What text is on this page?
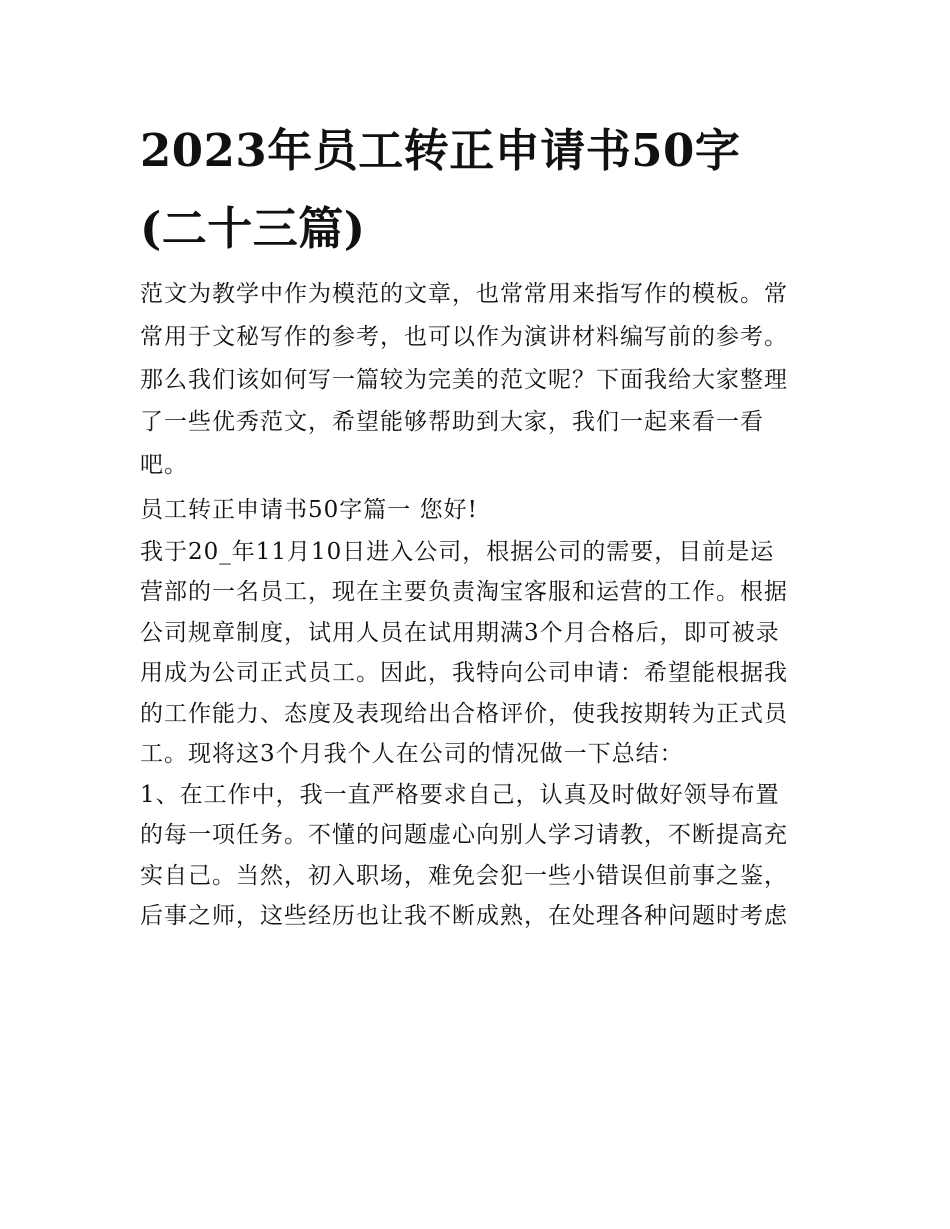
2023年员工转正申请书50字
(二十三篇)
范文为教学中作为模范的文章，也常常用来指写作的模板。常
常用于文秘写作的参考，也可以作为演讲材料编写前的参考。
那么我们该如何写一篇较为完美的范文呢？下面我给大家整理
了一些优秀范文，希望能够帮助到大家，我们一起来看一看
吧。
员工转正申请书50字篇一 您好!
我于20_年11月10日进入公司，根据公司的需要，目前是运
营部的一名员工，现在主要负责淘宝客服和运营的工作。根据
公司规章制度，试用人员在试用期满3个月合格后，即可被录
用成为公司正式员工。因此，我特向公司申请：希望能根据我
的工作能力、态度及表现给出合格评价，使我按期转为正式员
工。现将这3个月我个人在公司的情况做一下总结：
1、在工作中，我一直严格要求自己，认真及时做好领导布置
的每一项任务。不懂的问题虚心向别人学习请教，不断提高充
实自己。当然，初入职场，难免会犯一些小错误但前事之鉴，
后事之师，这些经历也让我不断成熟，在处理各种问题时考虑
